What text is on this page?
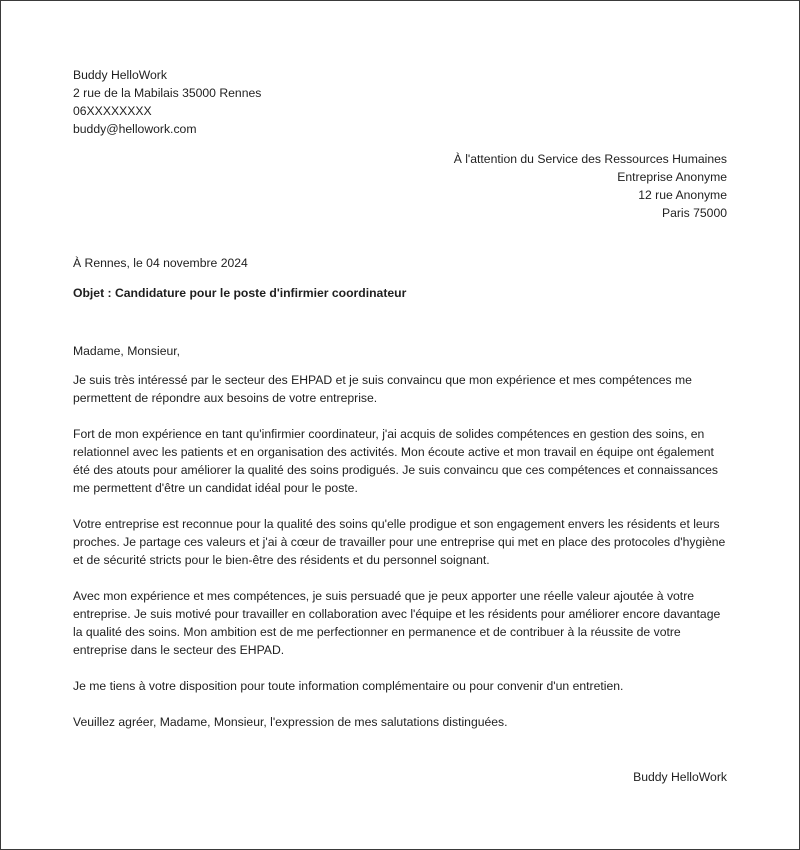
Buddy HelloWork
2 rue de la Mabilais 35000 Rennes
06XXXXXXXX
buddy@hellowork.com
À l'attention du Service des Ressources Humaines
Entreprise Anonyme
12 rue Anonyme
Paris 75000
À Rennes, le 04 novembre 2024
Objet : Candidature pour le poste d'infirmier coordinateur

Madame, Monsieur,

Je suis très intéressé par le secteur des EHPAD et je suis convaincu que mon expérience et mes compétences me permettent de répondre aux besoins de votre entreprise.

Fort de mon expérience en tant qu'infirmier coordinateur, j'ai acquis de solides compétences en gestion des soins, en relationnel avec les patients et en organisation des activités. Mon écoute active et mon travail en équipe ont également été des atouts pour améliorer la qualité des soins prodigués. Je suis convaincu que ces compétences et connaissances me permettent d'être un candidat idéal pour le poste.

Votre entreprise est reconnue pour la qualité des soins qu'elle prodigue et son engagement envers les résidents et leurs proches. Je partage ces valeurs et j'ai à cœur de travailler pour une entreprise qui met en place des protocoles d'hygiène et de sécurité stricts pour le bien-être des résidents et du personnel soignant.

Avec mon expérience et mes compétences, je suis persuadé que je peux apporter une réelle valeur ajoutée à votre entreprise. Je suis motivé pour travailler en collaboration avec l'équipe et les résidents pour améliorer encore davantage la qualité des soins. Mon ambition est de me perfectionner en permanence et de contribuer à la réussite de votre entreprise dans le secteur des EHPAD.

Je me tiens à votre disposition pour toute information complémentaire ou pour convenir d'un entretien.

Veuillez agréer, Madame, Monsieur, l'expression de mes salutations distinguées.

Buddy HelloWork
